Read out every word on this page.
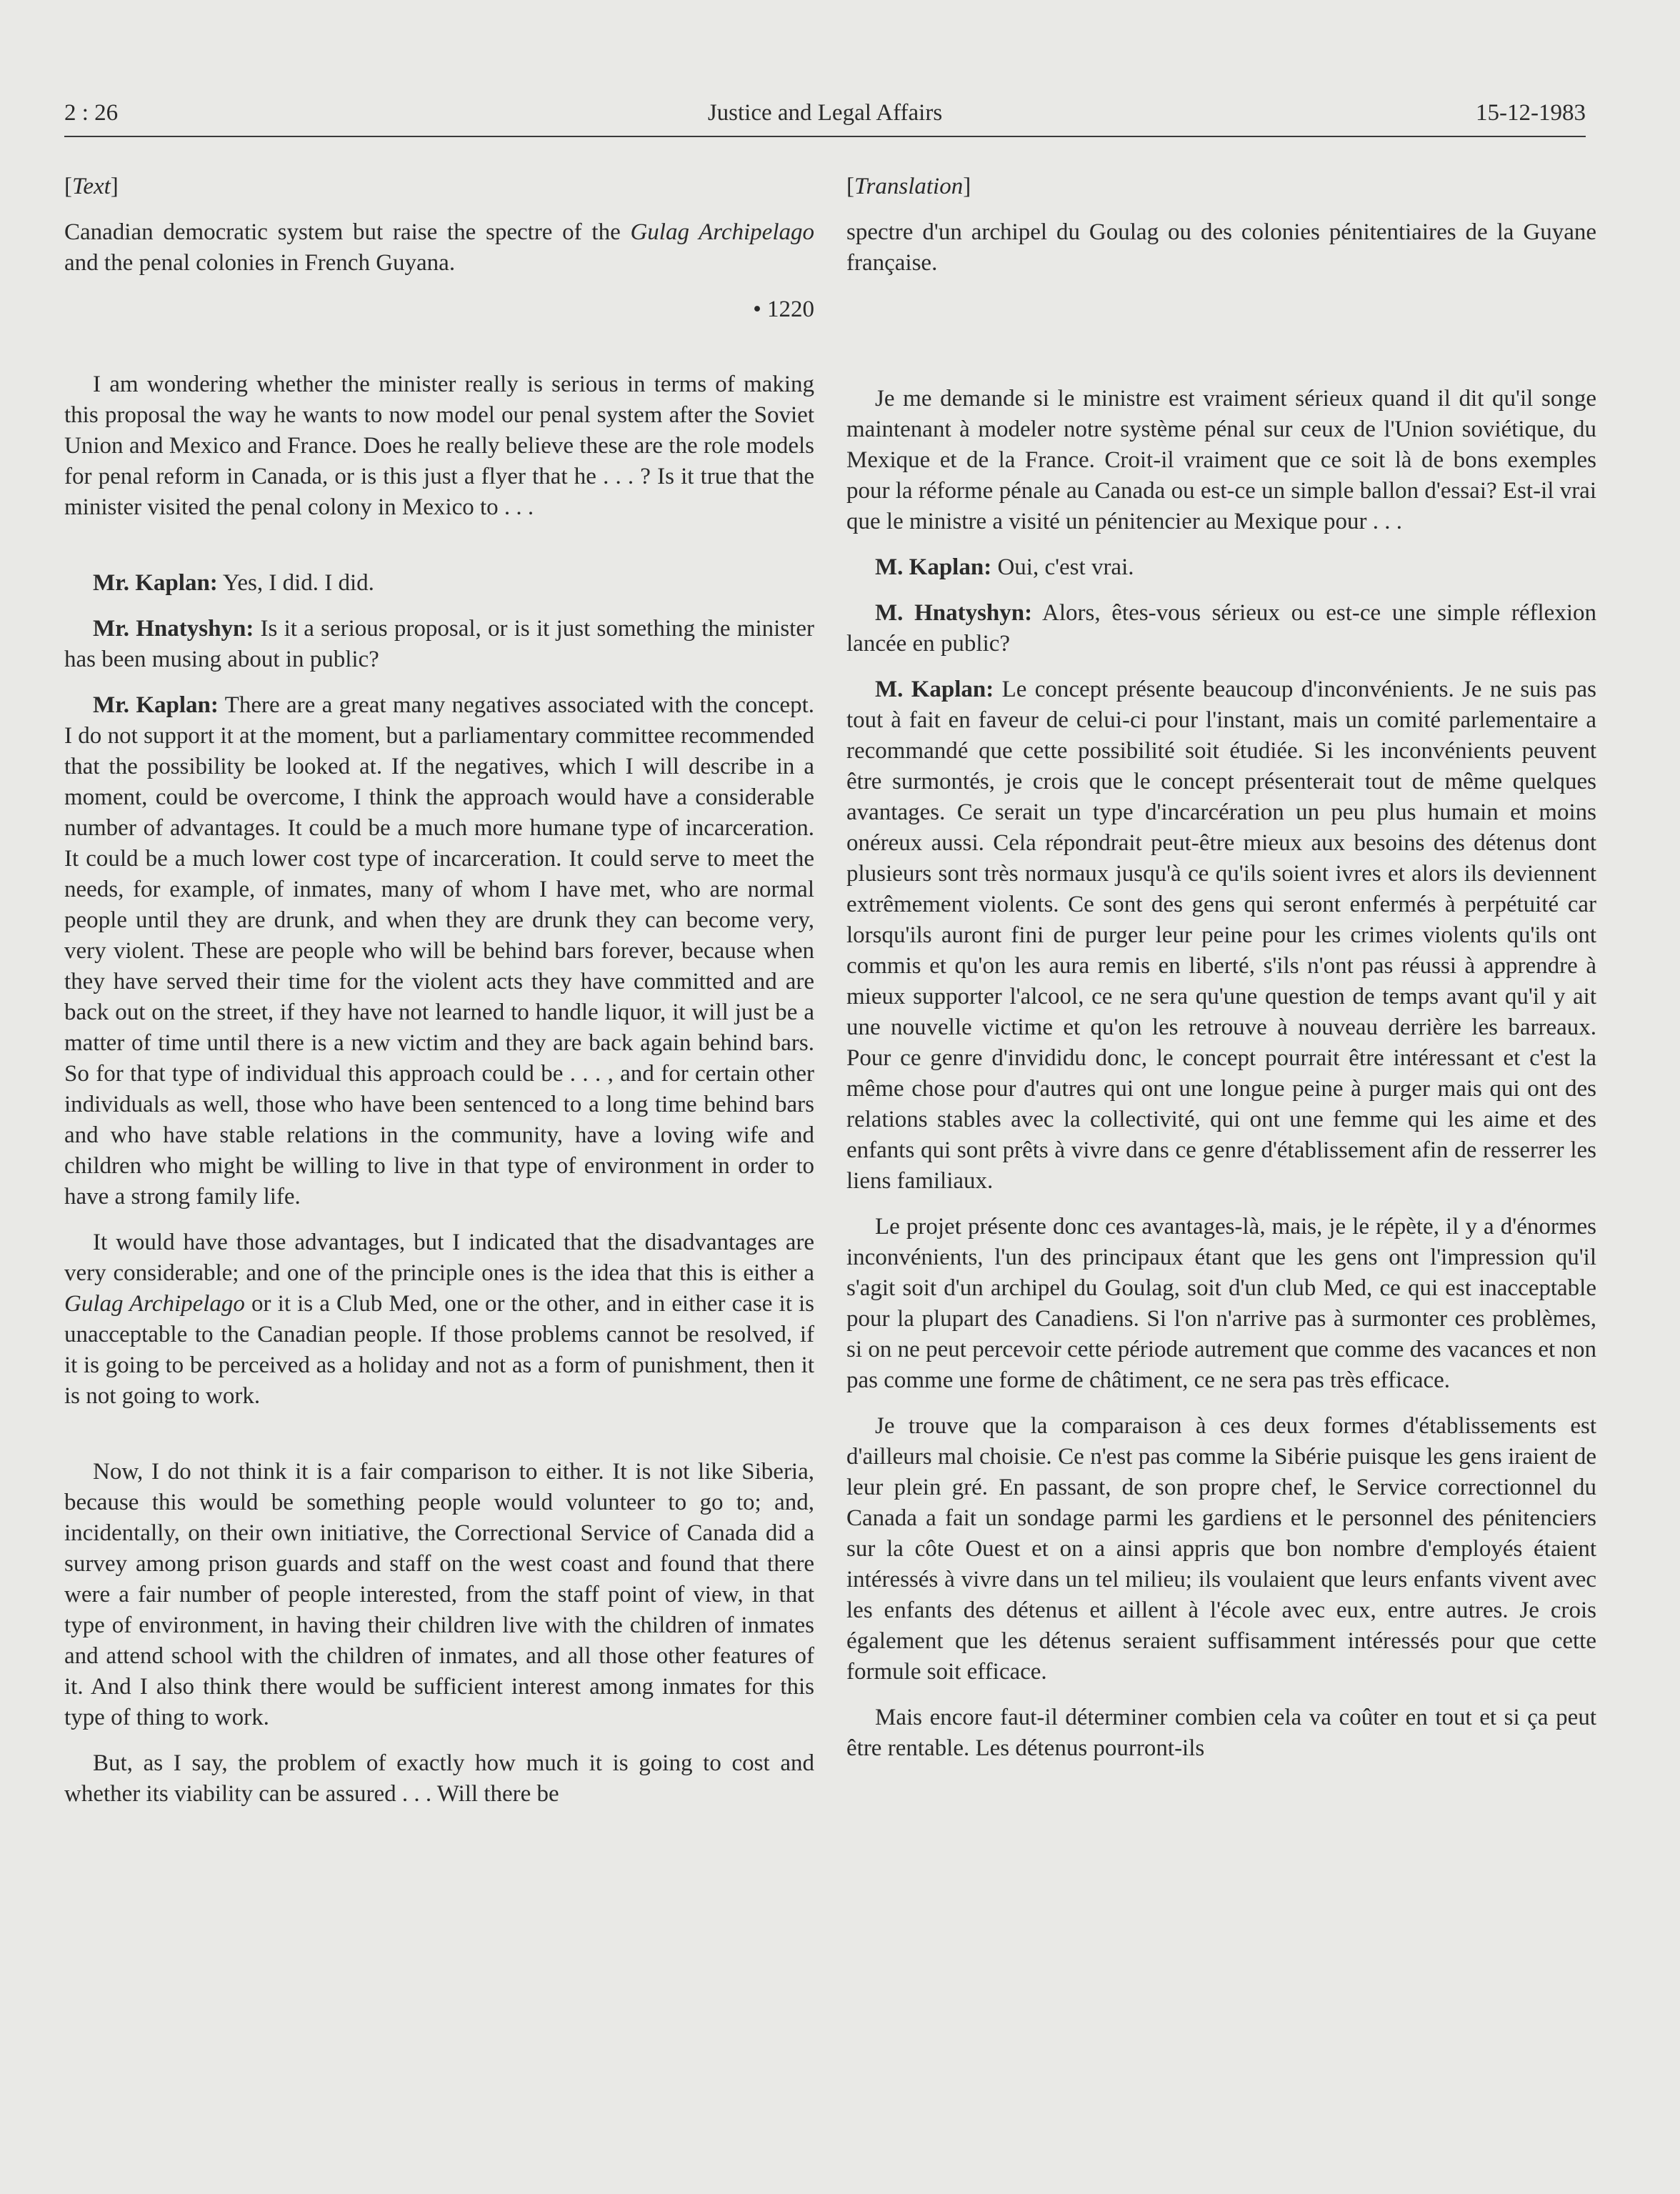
2 : 26	Justice and Legal Affairs	15-12-1983

[Text]

Canadian democratic system but raise the spectre of the Gulag Archipelago and the penal colonies in French Guyana.

• 1220

I am wondering whether the minister really is serious in terms of making this proposal the way he wants to now model our penal system after the Soviet Union and Mexico and France. Does he really believe these are the role models for penal reform in Canada, or is this just a flyer that he . . . ? Is it true that the minister visited the penal colony in Mexico to . . .

Mr. Kaplan: Yes, I did. I did.

Mr. Hnatyshyn: Is it a serious proposal, or is it just something the minister has been musing about in public?

Mr. Kaplan: There are a great many negatives associated with the concept. I do not support it at the moment, but a parliamentary committee recommended that the possibility be looked at. If the negatives, which I will describe in a moment, could be overcome, I think the approach would have a considerable number of advantages. It could be a much more humane type of incarceration. It could be a much lower cost type of incarceration. It could serve to meet the needs, for example, of inmates, many of whom I have met, who are normal people until they are drunk, and when they are drunk they can become very, very violent. These are people who will be behind bars forever, because when they have served their time for the violent acts they have committed and are back out on the street, if they have not learned to handle liquor, it will just be a matter of time until there is a new victim and they are back again behind bars. So for that type of individual this approach could be . . . , and for certain other individuals as well, those who have been sentenced to a long time behind bars and who have stable relations in the community, have a loving wife and children who might be willing to live in that type of environment in order to have a strong family life.

It would have those advantages, but I indicated that the disadvantages are very considerable; and one of the principle ones is the idea that this is either a Gulag Archipelago or it is a Club Med, one or the other, and in either case it is unacceptable to the Canadian people. If those problems cannot be resolved, if it is going to be perceived as a holiday and not as a form of punishment, then it is not going to work.

Now, I do not think it is a fair comparison to either. It is not like Siberia, because this would be something people would volunteer to go to; and, incidentally, on their own initiative, the Correctional Service of Canada did a survey among prison guards and staff on the west coast and found that there were a fair number of people interested, from the staff point of view, in that type of environment, in having their children live with the children of inmates and attend school with the children of inmates, and all those other features of it. And I also think there would be sufficient interest among inmates for this type of thing to work.

But, as I say, the problem of exactly how much it is going to cost and whether its viability can be assured . . . Will there be

[Translation]

spectre d'un archipel du Goulag ou des colonies pénitentiaires de la Guyane française.

Je me demande si le ministre est vraiment sérieux quand il dit qu'il songe maintenant à modeler notre système pénal sur ceux de l'Union soviétique, du Mexique et de la France. Croit-il vraiment que ce soit là de bons exemples pour la réforme pénale au Canada ou est-ce un simple ballon d'essai? Est-il vrai que le ministre a visité un pénitencier au Mexique pour . . .

M. Kaplan: Oui, c'est vrai.

M. Hnatyshyn: Alors, êtes-vous sérieux ou est-ce une simple réflexion lancée en public?

M. Kaplan: Le concept présente beaucoup d'inconvénients. Je ne suis pas tout à fait en faveur de celui-ci pour l'instant, mais un comité parlementaire a recommandé que cette possibilité soit étudiée. Si les inconvénients peuvent être surmontés, je crois que le concept présenterait tout de même quelques avantages. Ce serait un type d'incarcération un peu plus humain et moins onéreux aussi. Cela répondrait peut-être mieux aux besoins des détenus dont plusieurs sont très normaux jusqu'à ce qu'ils soient ivres et alors ils deviennent extrêmement violents. Ce sont des gens qui seront enfermés à perpétuité car lorsqu'ils auront fini de purger leur peine pour les crimes violents qu'ils ont commis et qu'on les aura remis en liberté, s'ils n'ont pas réussi à apprendre à mieux supporter l'alcool, ce ne sera qu'une question de temps avant qu'il y ait une nouvelle victime et qu'on les retrouve à nouveau derrière les barreaux. Pour ce genre d'invididu donc, le concept pourrait être intéressant et c'est la même chose pour d'autres qui ont une longue peine à purger mais qui ont des relations stables avec la collectivité, qui ont une femme qui les aime et des enfants qui sont prêts à vivre dans ce genre d'établissement afin de resserrer les liens familiaux.

Le projet présente donc ces avantages-là, mais, je le répète, il y a d'énormes inconvénients, l'un des principaux étant que les gens ont l'impression qu'il s'agit soit d'un archipel du Goulag, soit d'un club Med, ce qui est inacceptable pour la plupart des Canadiens. Si l'on n'arrive pas à surmonter ces problèmes, si on ne peut percevoir cette période autrement que comme des vacances et non pas comme une forme de châtiment, ce ne sera pas très efficace.

Je trouve que la comparaison à ces deux formes d'établissements est d'ailleurs mal choisie. Ce n'est pas comme la Sibérie puisque les gens iraient de leur plein gré. En passant, de son propre chef, le Service correctionnel du Canada a fait un sondage parmi les gardiens et le personnel des pénitenciers sur la côte Ouest et on a ainsi appris que bon nombre d'employés étaient intéressés à vivre dans un tel milieu; ils voulaient que leurs enfants vivent avec les enfants des détenus et aillent à l'école avec eux, entre autres. Je crois également que les détenus seraient suffisamment intéressés pour que cette formule soit efficace.

Mais encore faut-il déterminer combien cela va coûter en tout et si ça peut être rentable. Les détenus pourront-ils
